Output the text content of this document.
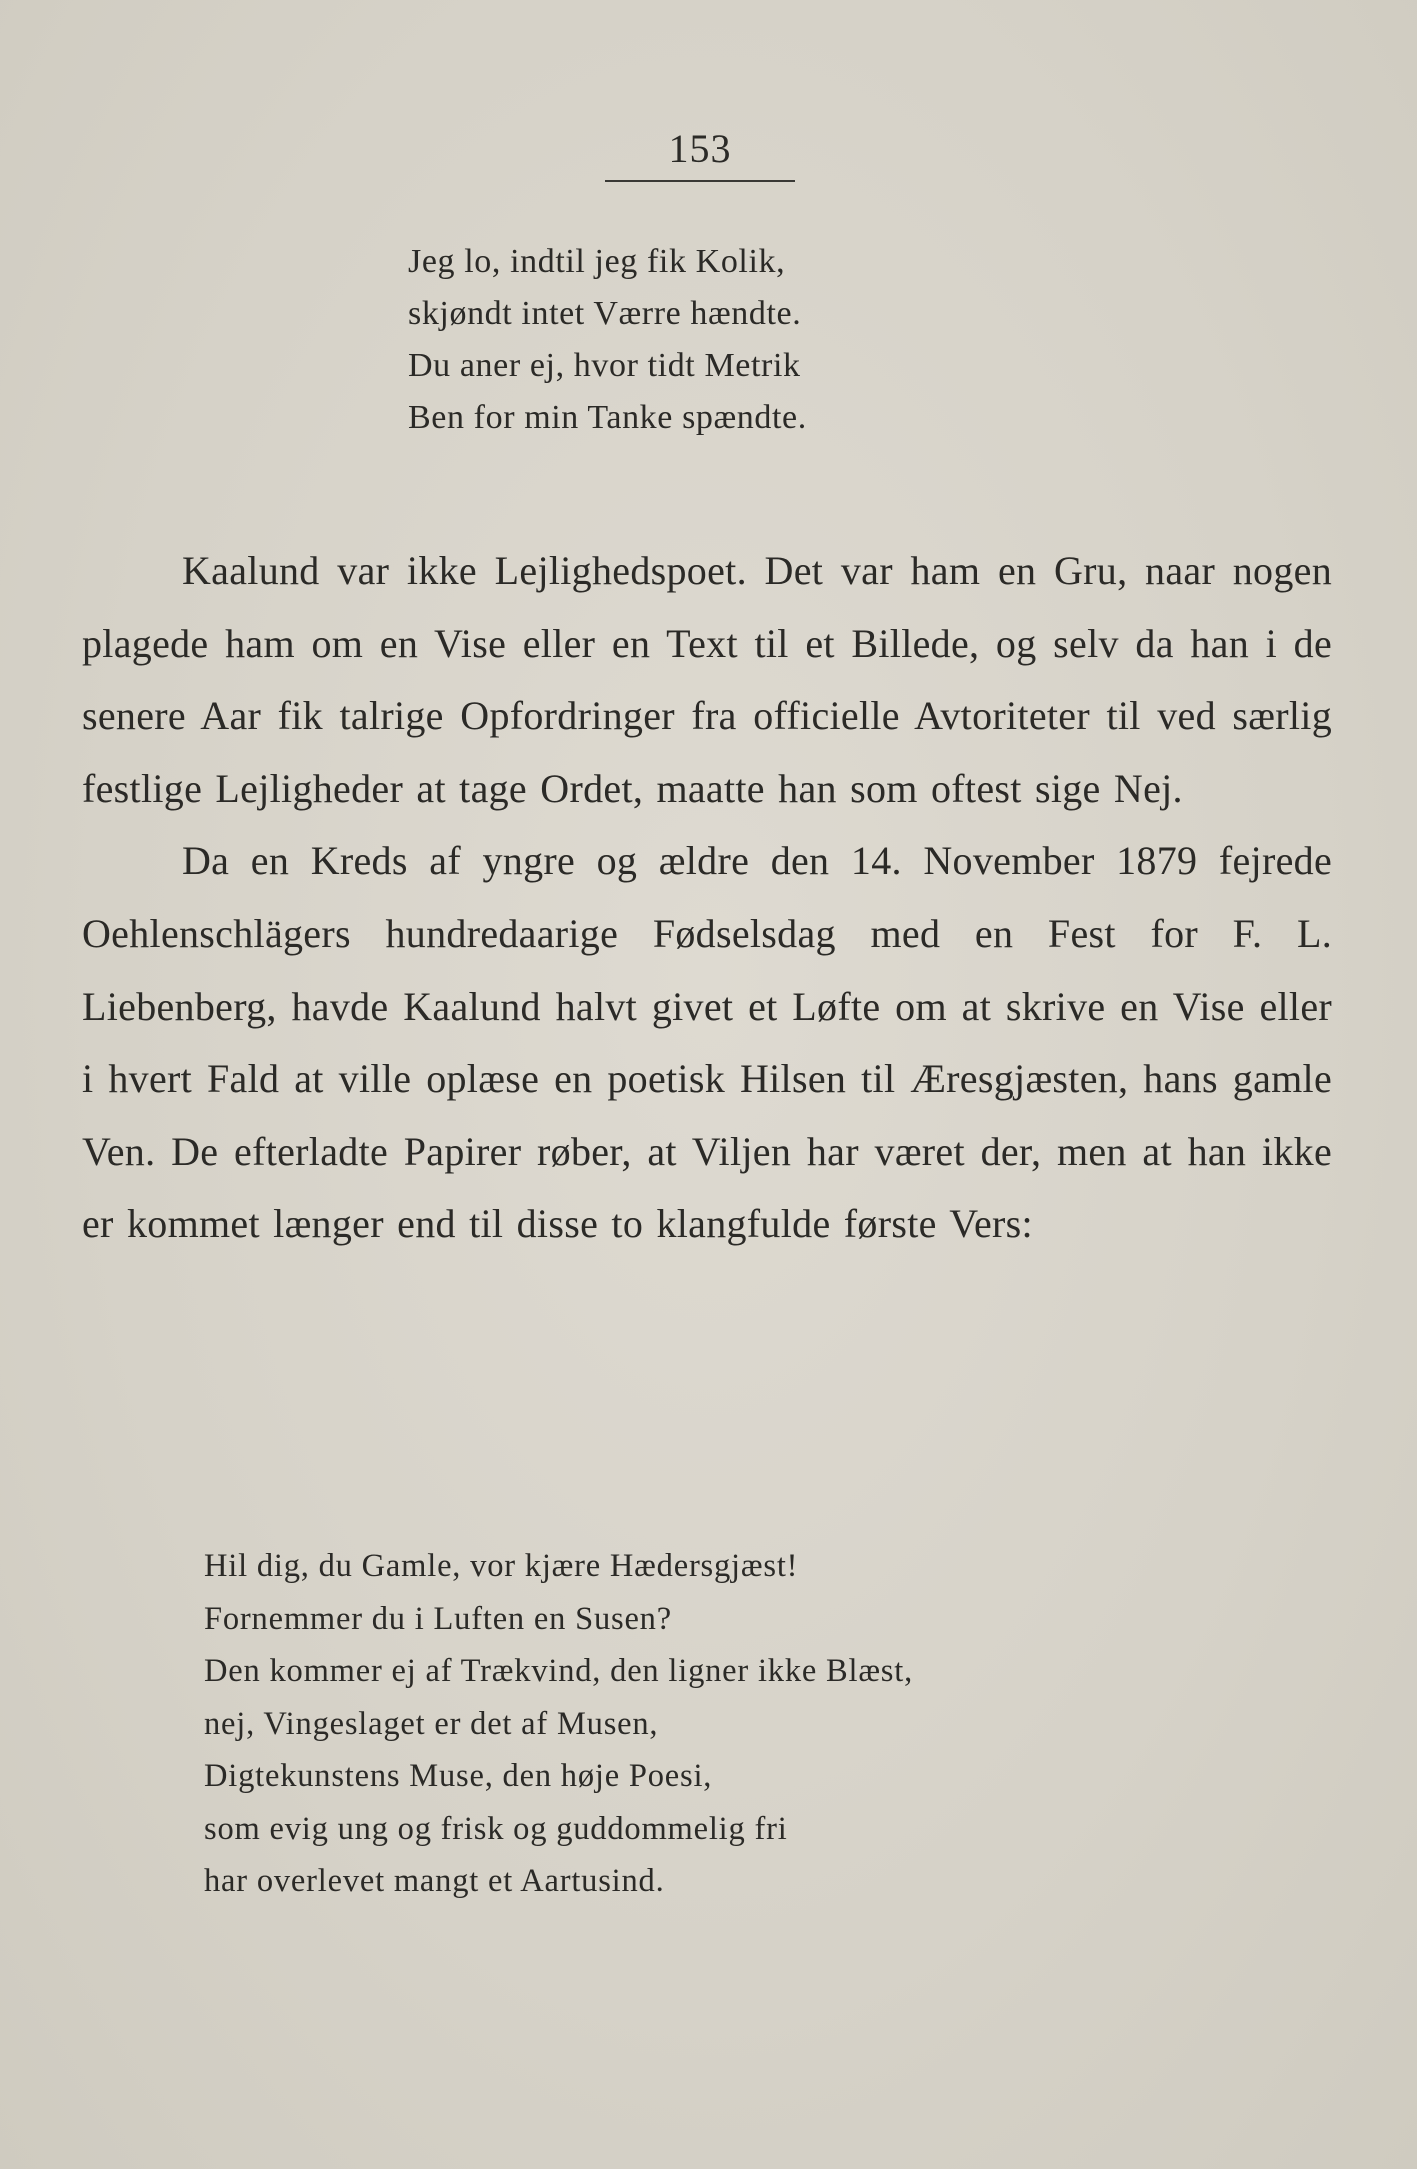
153
Jeg lo, indtil jeg fik Kolik,
skjøndt intet Værre hændte.
Du aner ej, hvor tidt Metrik
Ben for min Tanke spændte.

Kaalund var ikke Lejlighedspoet. Det var ham en Gru, naar nogen plagede ham om en Vise eller en Text til et Billede, og selv da han i de senere Aar fik talrige Opfordringer fra officielle Avtoriteter til ved særlig festlige Lejligheder at tage Ordet, maatte han som oftest sige Nej.

Da en Kreds af yngre og ældre den 14. November 1879 fejrede Oehlenschlägers hundredaarige Fødselsdag med en Fest for F. L. Liebenberg, havde Kaalund halvt givet et Løfte om at skrive en Vise eller i hvert Fald at ville oplæse en poetisk Hilsen til Æresgjæsten, hans gamle Ven. De efterladte Papirer røber, at Viljen har været der, men at han ikke er kommet længer end til disse to klangfulde første Vers:

Hil dig, du Gamle, vor kjære Hædersgjæst!
Fornemmer du i Luften en Susen?
Den kommer ej af Trækvind, den ligner ikke Blæst,
nej, Vingeslaget er det af Musen,
Digtekunstens Muse, den høje Poesi,
som evig ung og frisk og guddommelig fri
har overlevet mangt et Aartusind.
